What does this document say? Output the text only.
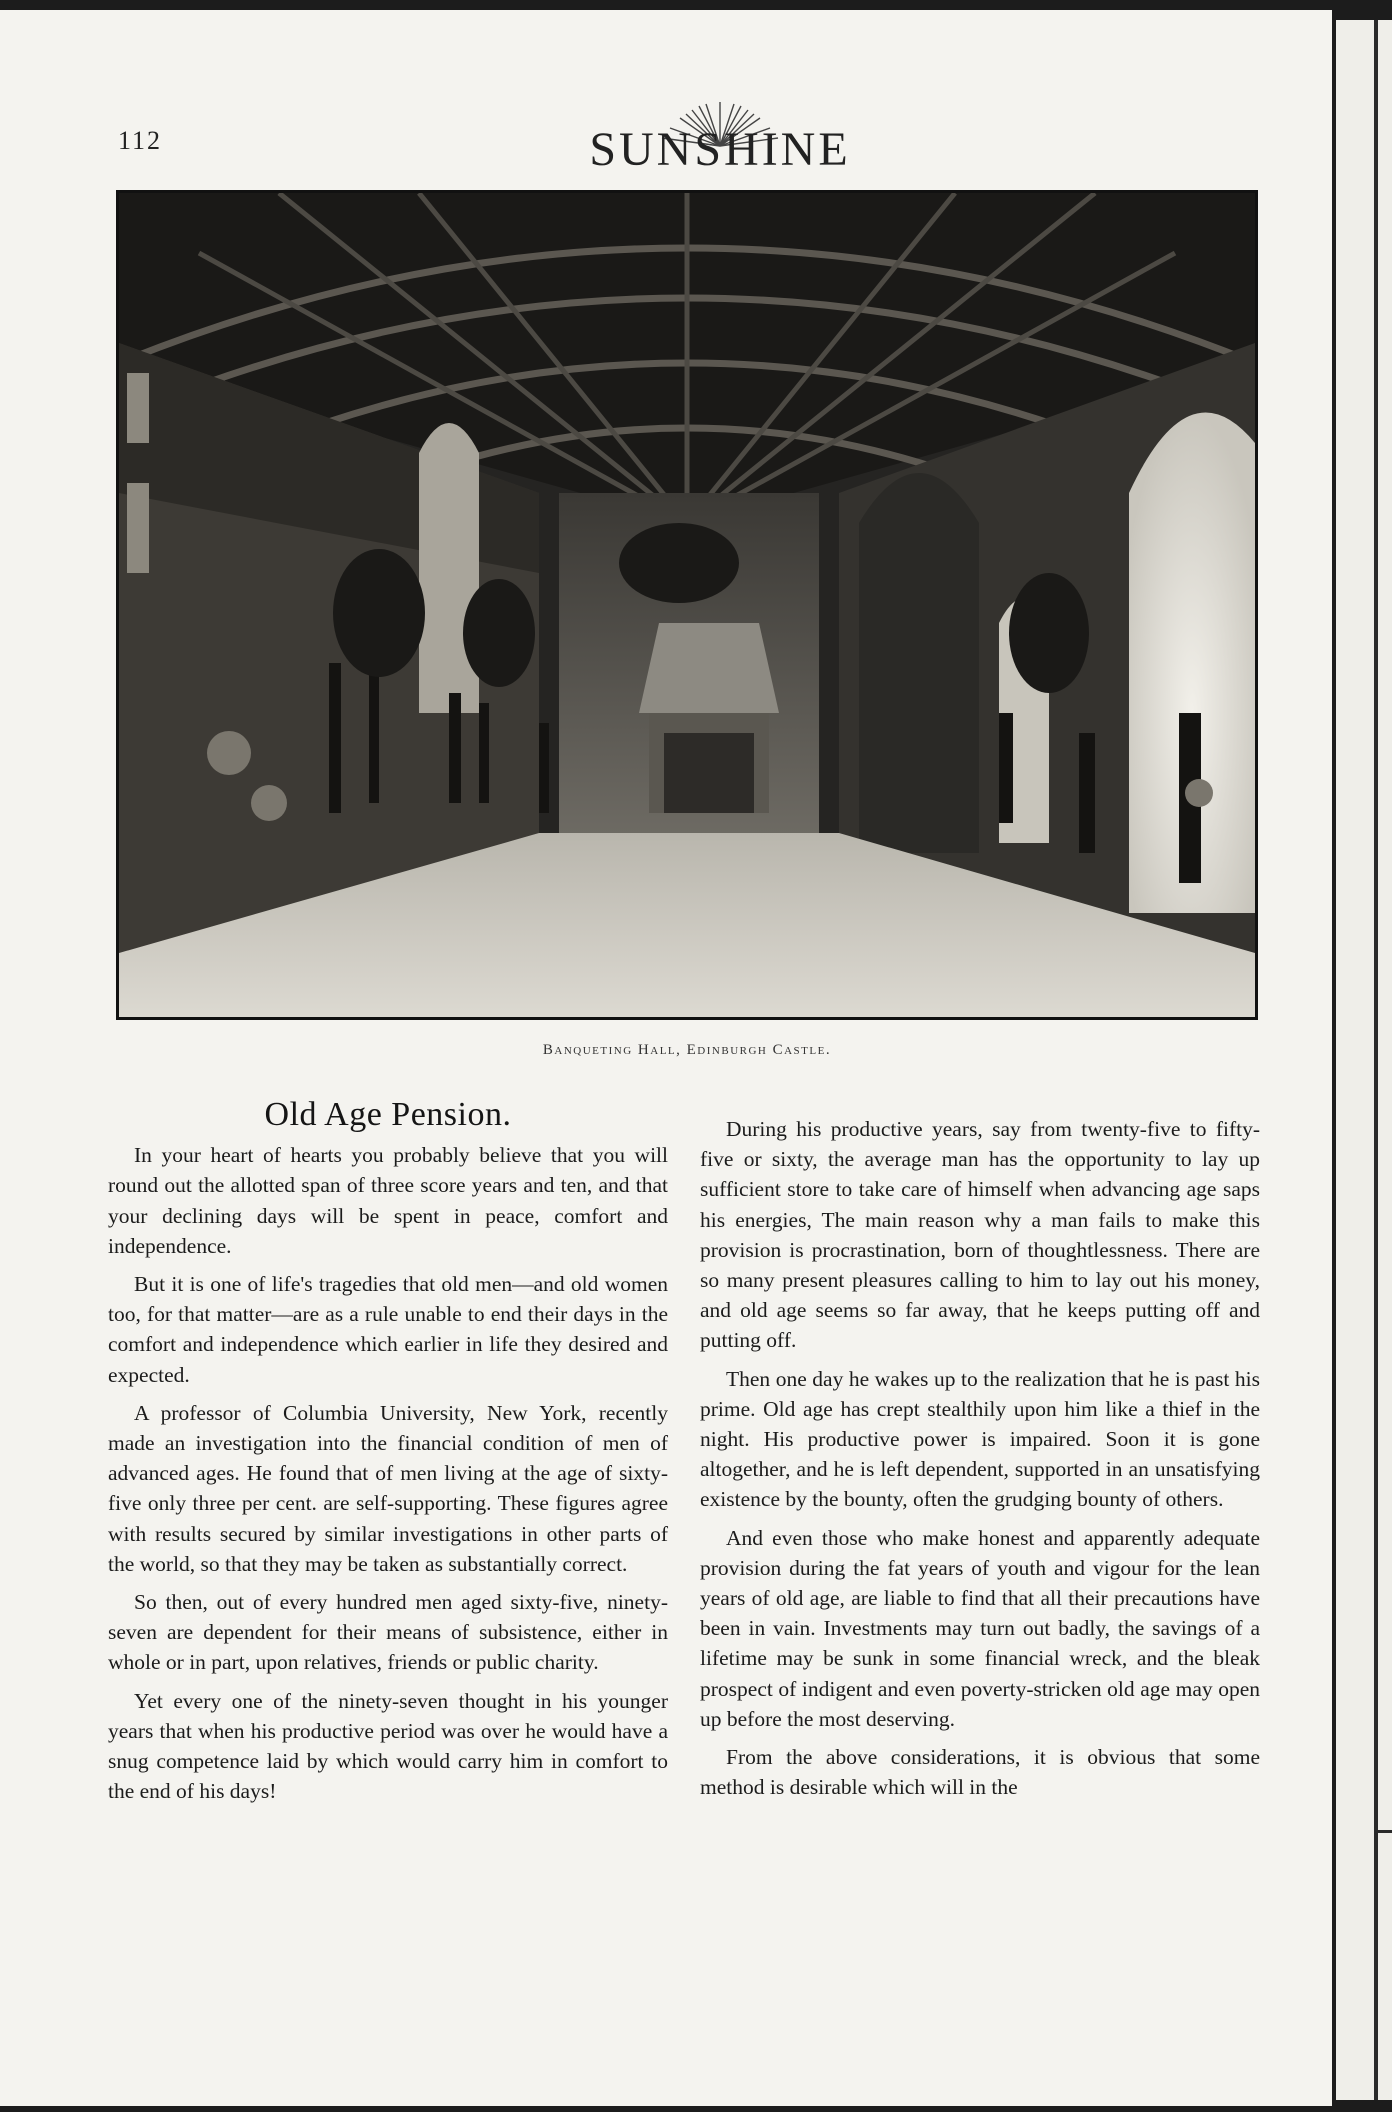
112	SUNSHINE
Banqueting Hall, Edinburgh Castle.
Old Age Pension.

In your heart of hearts you probably believe that you will round out the allotted span of three score years and ten, and that your declining days will be spent in peace, comfort and independence.

But it is one of life's tragedies that old men—and old women too, for that matter—are as a rule unable to end their days in the comfort and independence which earlier in life they desired and expected.

A professor of Columbia University, New York, recently made an investigation into the financial condition of men of advanced ages. He found that of men living at the age of sixty-five only three per cent. are self-supporting. These figures agree with results secured by similar investigations in other parts of the world, so that they may be taken as substantially correct.

So then, out of every hundred men aged sixty-five, ninety-seven are dependent for their means of subsistence, either in whole or in part, upon relatives, friends or public charity.

Yet every one of the ninety-seven thought in his younger years that when his productive period was over he would have a snug competence laid by which would carry him in comfort to the end of his days!

During his productive years, say from twenty-five to fifty-five or sixty, the average man has the opportunity to lay up sufficient store to take care of himself when advancing age saps his energies, The main reason why a man fails to make this provision is procrastination, born of thoughtlessness. There are so many present pleasures calling to him to lay out his money, and old age seems so far away, that he keeps putting off and putting off.

Then one day he wakes up to the realization that he is past his prime. Old age has crept stealthily upon him like a thief in the night. His productive power is impaired. Soon it is gone altogether, and he is left dependent, supported in an unsatisfying existence by the bounty, often the grudging bounty of others.

And even those who make honest and apparently adequate provision during the fat years of youth and vigour for the lean years of old age, are liable to find that all their precautions have been in vain. Investments may turn out badly, the savings of a lifetime may be sunk in some financial wreck, and the bleak prospect of indigent and even poverty-stricken old age may open up before the most deserving.

From the above considerations, it is obvious that some method is desirable which will in the
